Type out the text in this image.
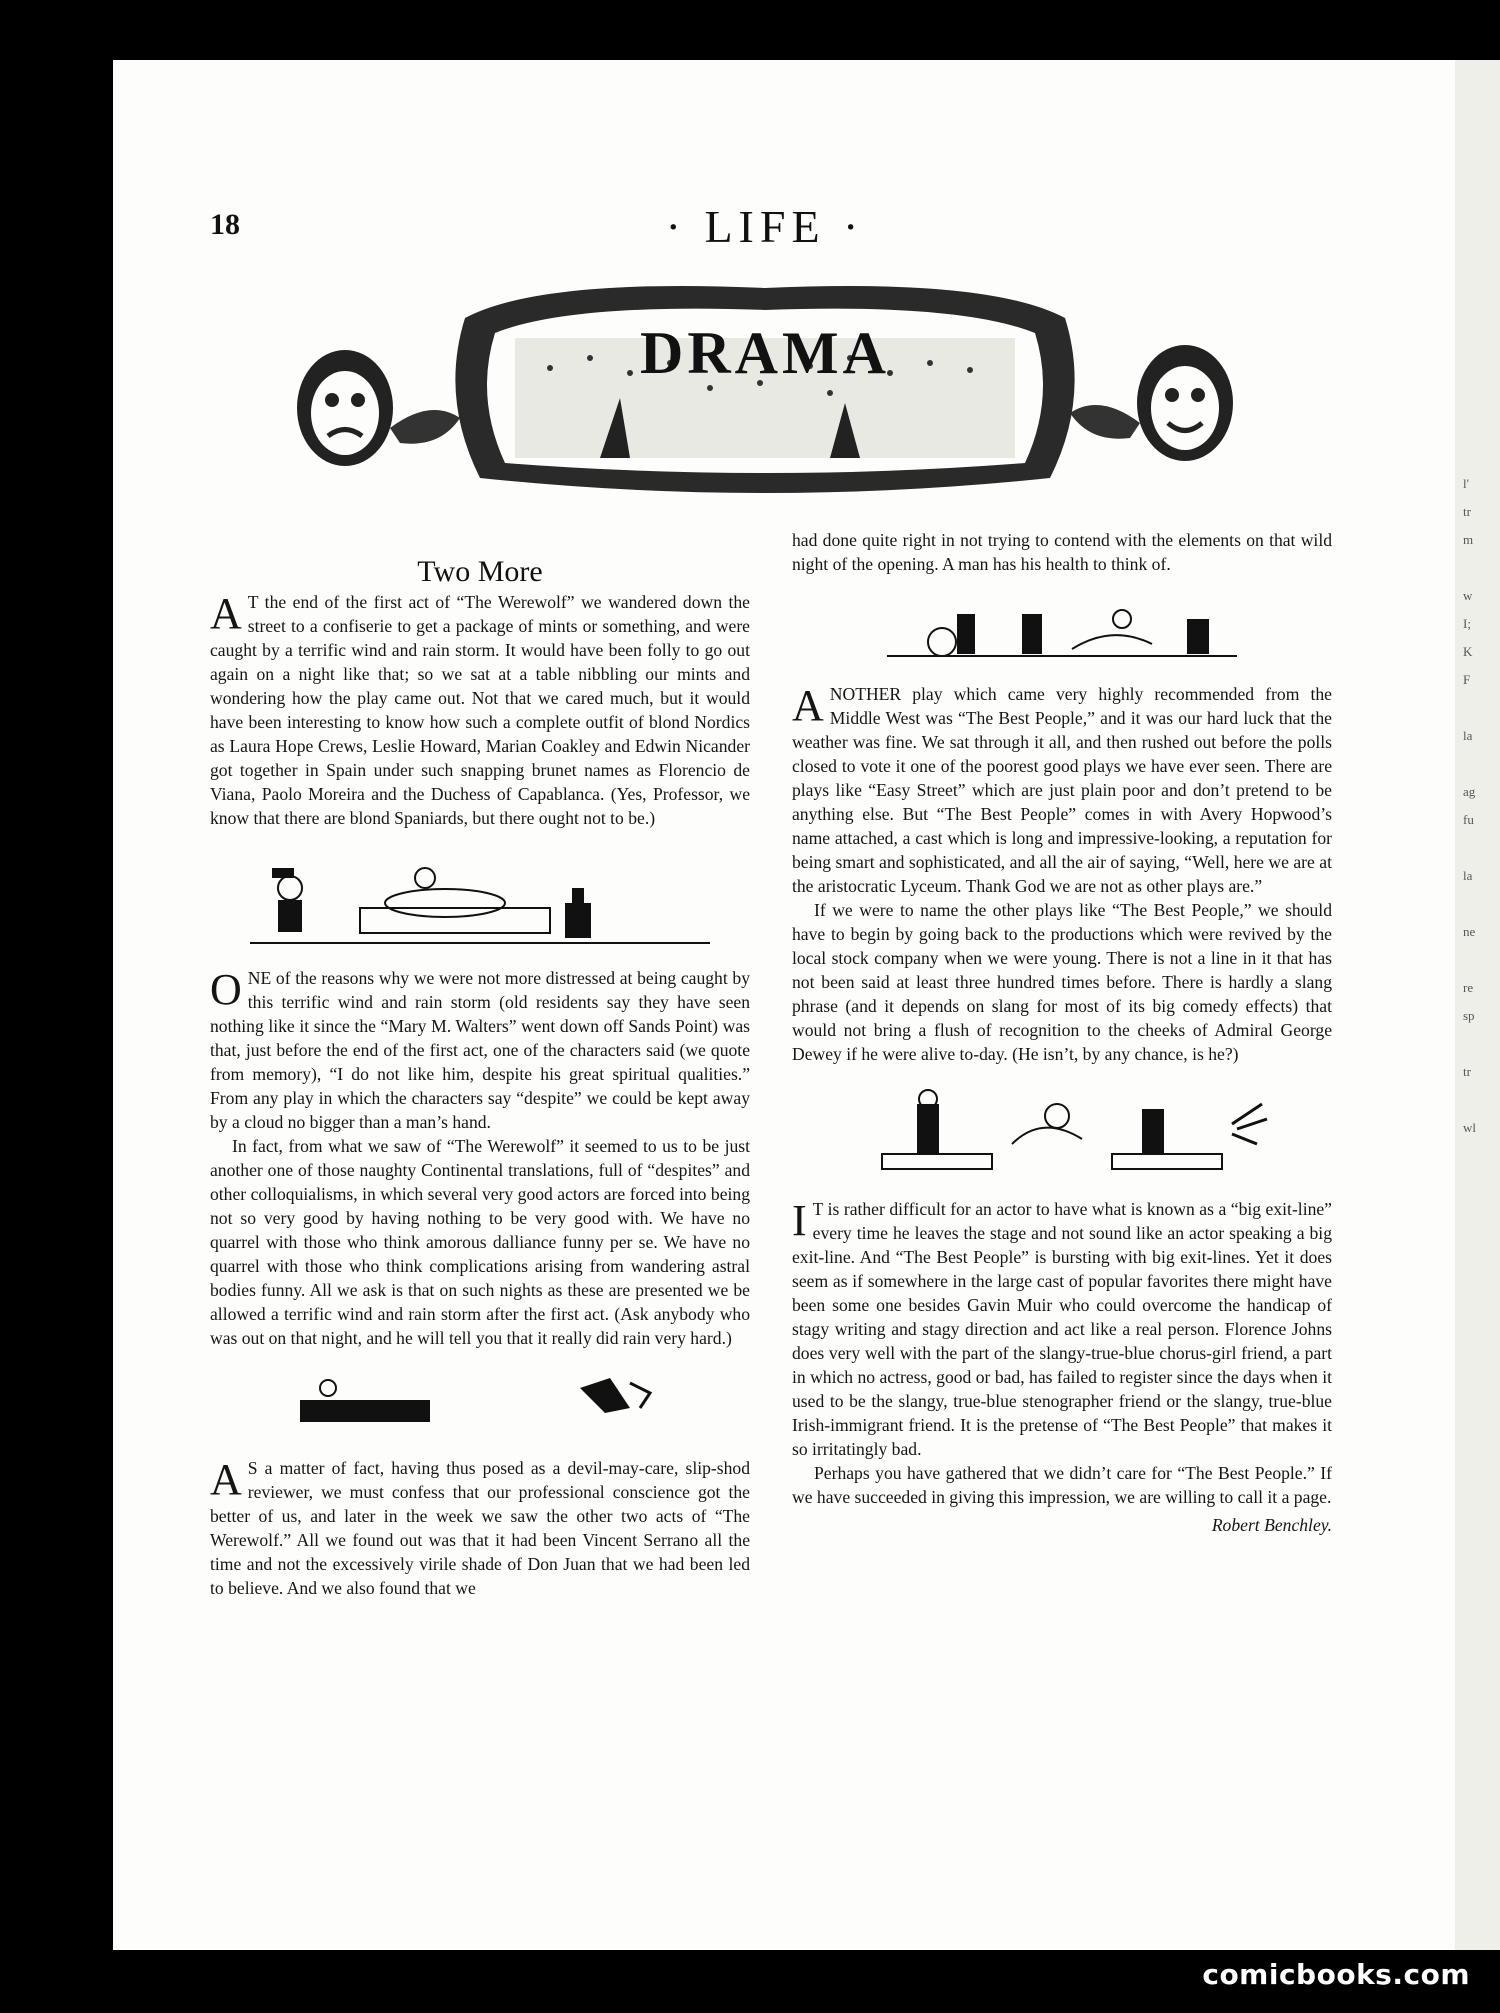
l'
tr
m

w
I;
K
F

la

ag
fu

la

ne

re
sp

tr

wl
18	· LIFE ·
DRAMA
Two More

AT the end of the first act of “The Werewolf” we wandered down the street to a confiserie to get a package of mints or something, and were caught by a terrific wind and rain storm. It would have been folly to go out again on a night like that; so we sat at a table nibbling our mints and wondering how the play came out. Not that we cared much, but it would have been interesting to know how such a complete outfit of blond Nordics as Laura Hope Crews, Leslie Howard, Marian Coakley and Edwin Nicander got together in Spain under such snapping brunet names as Florencio de Viana, Paolo Moreira and the Duchess of Capablanca. (Yes, Professor, we know that there are blond Spaniards, but there ought not to be.)

ONE of the reasons why we were not more distressed at being caught by this terrific wind and rain storm (old residents say they have seen nothing like it since the “Mary M. Walters” went down off Sands Point) was that, just before the end of the first act, one of the characters said (we quote from memory), “I do not like him, despite his great spiritual qualities.” From any play in which the characters say “despite” we could be kept away by a cloud no bigger than a man’s hand.

In fact, from what we saw of “The Werewolf” it seemed to us to be just another one of those naughty Continental translations, full of “despites” and other colloquialisms, in which several very good actors are forced into being not so very good by having nothing to be very good with. We have no quarrel with those who think amorous dalliance funny per se. We have no quarrel with those who think complications arising from wandering astral bodies funny. All we ask is that on such nights as these are presented we be allowed a terrific wind and rain storm after the first act. (Ask anybody who was out on that night, and he will tell you that it really did rain very hard.)

AS a matter of fact, having thus posed as a devil-may-care, slip-shod reviewer, we must confess that our professional conscience got the better of us, and later in the week we saw the other two acts of “The Werewolf.” All we found out was that it had been Vincent Serrano all the time and not the excessively virile shade of Don Juan that we had been led to believe. And we also found that we

had done quite right in not trying to contend with the elements on that wild night of the opening. A man has his health to think of.

ANOTHER play which came very highly recommended from the Middle West was “The Best People,” and it was our hard luck that the weather was fine. We sat through it all, and then rushed out before the polls closed to vote it one of the poorest good plays we have ever seen. There are plays like “Easy Street” which are just plain poor and don’t pretend to be anything else. But “The Best People” comes in with Avery Hopwood’s name attached, a cast which is long and impressive-looking, a reputation for being smart and sophisticated, and all the air of saying, “Well, here we are at the aristocratic Lyceum. Thank God we are not as other plays are.”

If we were to name the other plays like “The Best People,” we should have to begin by going back to the productions which were revived by the local stock company when we were young. There is not a line in it that has not been said at least three hundred times before. There is hardly a slang phrase (and it depends on slang for most of its big comedy effects) that would not bring a flush of recognition to the cheeks of Admiral George Dewey if he were alive to-day. (He isn’t, by any chance, is he?)

IT is rather difficult for an actor to have what is known as a “big exit-line” every time he leaves the stage and not sound like an actor speaking a big exit-line. And “The Best People” is bursting with big exit-lines. Yet it does seem as if somewhere in the large cast of popular favorites there might have been some one besides Gavin Muir who could overcome the handicap of stagy writing and stagy direction and act like a real person. Florence Johns does very well with the part of the slangy-true-blue chorus-girl friend, a part in which no actress, good or bad, has failed to register since the days when it used to be the slangy, true-blue stenographer friend or the slangy, true-blue Irish-immigrant friend. It is the pretense of “The Best People” that makes it so irritatingly bad.

Perhaps you have gathered that we didn’t care for “The Best People.” If we have succeeded in giving this impression, we are willing to call it a page.

Robert Benchley.
comicbooks.com
